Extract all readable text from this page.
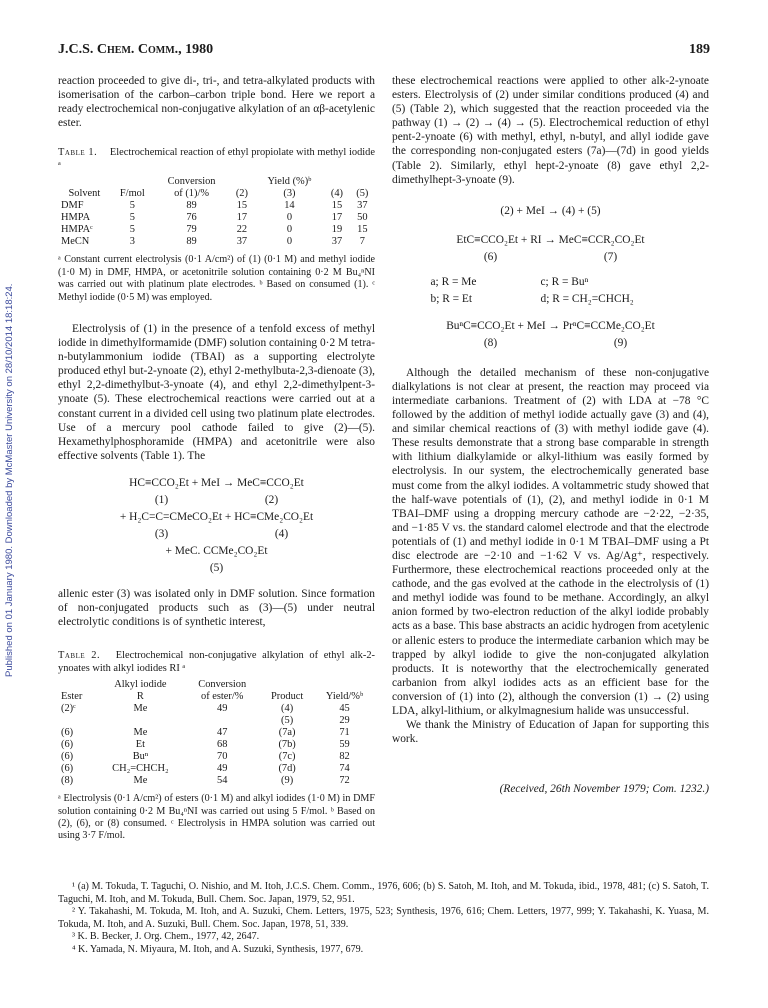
Published on 01 January 1980. Downloaded by McMaster University on 28/10/2014 18:18:24.
J.C.S. Chem. Comm., 1980	189

reaction proceeded to give di-, tri-, and tetra-alkylated products with isomerisation of the carbon–carbon triple bond. Here we report a ready electrochemical non-conjugative alkylation of an αβ-acetylenic ester.

Table 1. Electrochemical reaction of ethyl propiolate with methyl iodide ᵃ
		Conversion		Yield (%)ᵇ		
Solvent	F/mol	of (1)/%	(2)	(3)	(4)	(5)
DMF	5	89	15	14	15	37
HMPA	5	76	17	0	17	50
HMPAᶜ	5	79	22	0	19	15
MeCN	3	89	37	0	37	7
ᵃ Constant current electrolysis (0·1 A/cm²) of (1) (0·1 M) and methyl iodide (1·0 M) in DMF, HMPA, or acetonitrile solution containing 0·2 M Bu₄ⁿNI was carried out with platinum plate electrodes. ᵇ Based on consumed (1). ᶜ Methyl iodide (0·5 M) was employed.

Electrolysis of (1) in the presence of a tenfold excess of methyl iodide in dimethylformamide (DMF) solution containing 0·2 M tetra-n-butylammonium iodide (TBAI) as a supporting electrolyte produced ethyl but-2-ynoate (2), ethyl 2-methylbuta-2,3-dienoate (3), ethyl 2,2-dimethylbut-3-ynoate (4), and ethyl 2,2-dimethylpent-3-ynoate (5). These electrochemical reactions were carried out at a constant current in a divided cell using two platinum plate electrodes. Use of a mercury pool cathode failed to give (2)—(5). Hexamethylphosphoramide (HMPA) and acetonitrile were also effective solvents (Table 1). The

HC≡CCO₂Et + MeI → MeC≡CCO₂Et
(1)	(2)
+ H₂C=C=CMeCO₂Et + HC≡CMe₂CO₂Et
(3)	(4)
+ MeC. CCMe₂CO₂Et
(5)

allenic ester (3) was isolated only in DMF solution. Since formation of non-conjugated products such as (3)—(5) under neutral electrolytic conditions is of synthetic interest,

Table 2. Electrochemical non-conjugative alkylation of ethyl alk-2-ynoates with alkyl iodides RI ᵃ
	Alkyl iodide	Conversion		
Ester	R	of ester/%	Product	Yield/%ᵇ
(2)ᶜ	Me	49	(4)	45
			(5)	29
(6)	Me	47	(7a)	71
(6)	Et	68	(7b)	59
(6)	Buⁿ	70	(7c)	82
(6)	CH₂=CHCH₂	49	(7d)	74
(8)	Me	54	(9)	72
ᵃ Electrolysis (0·1 A/cm²) of esters (0·1 M) and alkyl iodides (1·0 M) in DMF solution containing 0·2 M Bu₄ⁿNI was carried out using 5 F/mol. ᵇ Based on (2), (6), or (8) consumed. ᶜ Electrolysis in HMPA solution was carried out using 3·7 F/mol.

these electrochemical reactions were applied to other alk-2-ynoate esters. Electrolysis of (2) under similar conditions produced (4) and (5) (Table 2), which suggested that the reaction proceeded via the pathway (1) → (2) → (4) → (5). Electrochemical reduction of ethyl pent-2-ynoate (6) with methyl, ethyl, n-butyl, and allyl iodide gave the corresponding non-conjugated esters (7a)—(7d) in good yields (Table 2). Similarly, ethyl hept-2-ynoate (8) gave ethyl 2,2-dimethylhept-3-ynoate (9).

(2) + MeI → (4) + (5)
EtC≡CCO₂Et + RI → MeC≡CCR₂CO₂Et
(6)	(7)
a; R = Me	c; R = Buⁿ
b; R = Et	d; R = CH₂=CHCH₂
BuⁿC≡CCO₂Et + MeI → PrⁿC≡CCMe₂CO₂Et
(8)	(9)

Although the detailed mechanism of these non-conjugative dialkylations is not clear at present, the reaction may proceed via intermediate carbanions. Treatment of (2) with LDA at −78 °C followed by the addition of methyl iodide actually gave (3) and (4), and similar chemical reactions of (3) with methyl iodide gave (4). These results demonstrate that a strong base comparable in strength with lithium dialkylamide or alkyl-lithium was easily formed by electrolysis. In our system, the electrochemically generated base must come from the alkyl iodides. A voltammetric study showed that the half-wave potentials of (1), (2), and methyl iodide in 0·1 M TBAI–DMF using a dropping mercury cathode are −2·22, −2·35, and −1·85 V vs. the standard calomel electrode and that the electrode potentials of (1) and methyl iodide in 0·1 M TBAI–DMF using a Pt disc electrode are −2·10 and −1·62 V vs. Ag/Ag⁺, respectively. Furthermore, these electrochemical reactions proceeded only at the cathode, and the gas evolved at the cathode in the electrolysis of (1) and methyl iodide was found to be methane. Accordingly, an alkyl anion formed by two-electron reduction of the alkyl iodide probably acts as a base. This base abstracts an acidic hydrogen from acetylenic or allenic esters to produce the intermediate carbanion which may be trapped by alkyl iodide to give the non-conjugated alkylation products. It is noteworthy that the electrochemically generated carbanion from alkyl iodides acts as an efficient base for the conversion of (1) into (2), although the conversion (1) → (2) using LDA, alkyl-lithium, or alkylmagnesium halide was unsuccessful.

We thank the Ministry of Education of Japan for supporting this work.

(Received, 26th November 1979; Com. 1232.)

¹ (a) M. Tokuda, T. Taguchi, O. Nishio, and M. Itoh, J.C.S. Chem. Comm., 1976, 606; (b) S. Satoh, M. Itoh, and M. Tokuda, ibid., 1978, 481; (c) S. Satoh, T. Taguchi, M. Itoh, and M. Tokuda, Bull. Chem. Soc. Japan, 1979, 52, 951.

² Y. Takahashi, M. Tokuda, M. Itoh, and A. Suzuki, Chem. Letters, 1975, 523; Synthesis, 1976, 616; Chem. Letters, 1977, 999; Y. Takahashi, K. Yuasa, M. Tokuda, M. Itoh, and A. Suzuki, Bull. Chem. Soc. Japan, 1978, 51, 339.

³ K. B. Becker, J. Org. Chem., 1977, 42, 2647.

⁴ K. Yamada, N. Miyaura, M. Itoh, and A. Suzuki, Synthesis, 1977, 679.
